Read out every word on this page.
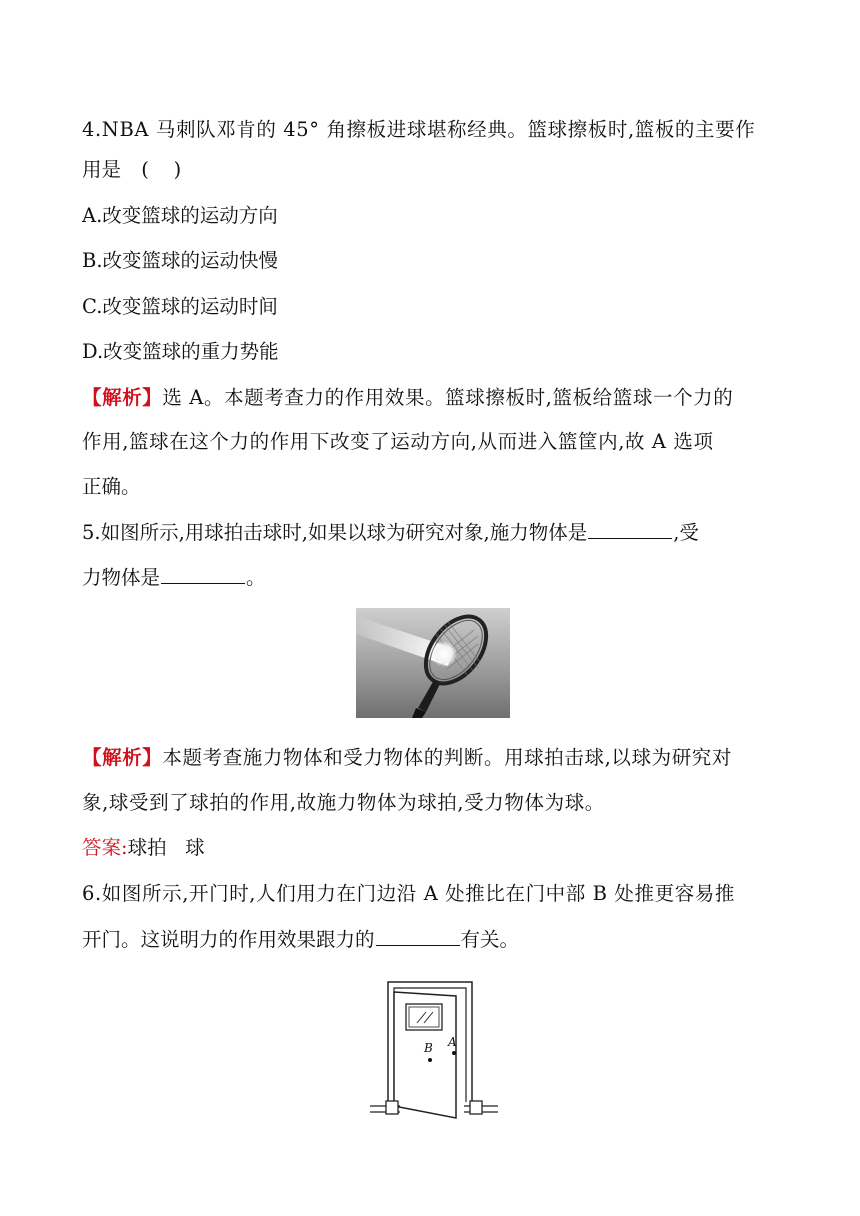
4.NBA 马刺队邓肯的 45° 角擦板进球堪称经典。篮球擦板时,篮板的主要作
用是 (    )
A.改变篮球的运动方向
B.改变篮球的运动快慢
C.改变篮球的运动时间
D.改变篮球的重力势能
【解析】选 A。本题考查力的作用效果。篮球擦板时,篮板给篮球一个力的
作用,篮球在这个力的作用下改变了运动方向,从而进入篮筐内,故 A 选项
正确。
5.如图所示,用球拍击球时,如果以球为研究对象,施力物体是	,受
力物体是	。
【解析】本题考查施力物体和受力物体的判断。用球拍击球,以球为研究对
象,球受到了球拍的作用,故施力物体为球拍,受力物体为球。
答案:球拍   球
6.如图所示,开门时,人们用力在门边沿 A 处推比在门中部 B 处推更容易推
开门。这说明力的作用效果跟力的	有关。
B A
